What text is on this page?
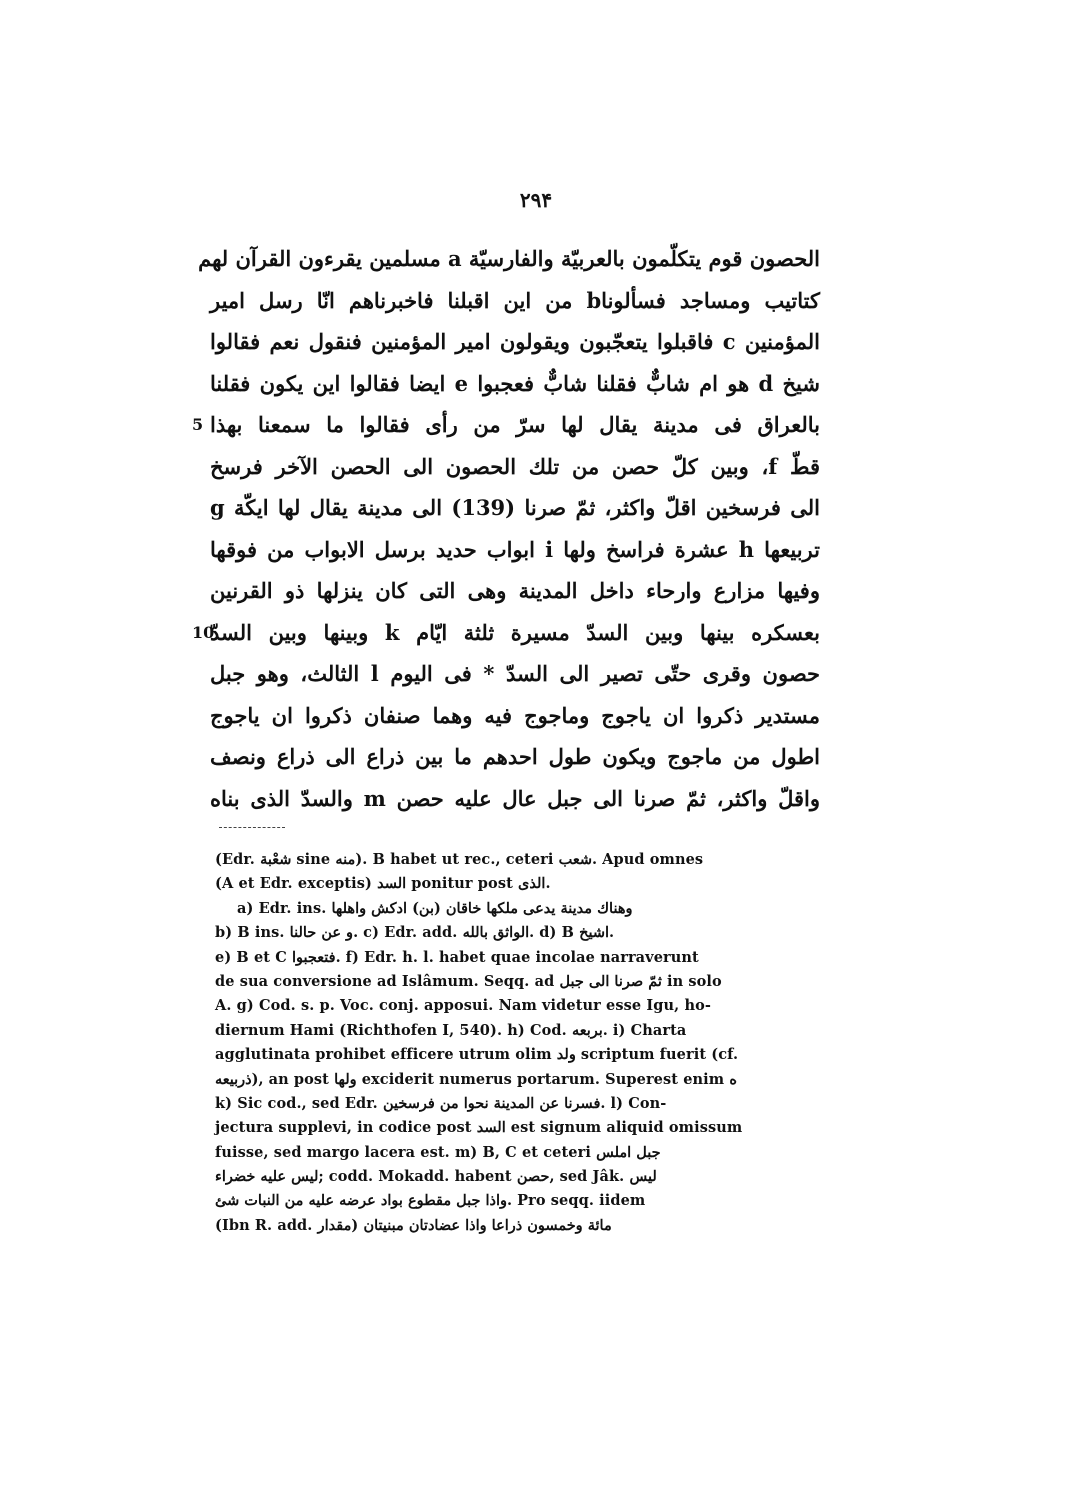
۲۹۴
الحصون قوم يتكلّمون بالعربيّة والفارسيّة a مسلمين يقرءون القرآن لهم
كتاتيب ومساجد فسألوناb من اين اقبلنا فاخبرناهم انّا رسل امير
المؤمنين c فاقبلوا يتعجّبون ويقولون امير المؤمنين فنقول نعم فقالوا
شيخ d هو ام شابٌّ فقلنا شابٌّ فعجبوا e ايضا فقالوا اين يكون فقلنا
بالعراق فى مدينة يقال لها سرّ من رأى فقالوا ما سمعنا بهذا
5
قطّ f، وبين كلّ حصن من تلك الحصون الى الحصن الآخر فرسخ
الى فرسخين اقلّ واكثر، ثمّ صرنا (139) الى مدينة يقال لها ايكّة g
تربيعها h عشرة فراسخ ولها i ابواب حديد برسل الابواب من فوقها
وفيها مزارع وارحاء داخل المدينة وهى التى كان ينزلها ذو القرنين
بعسكره بينها وبين السدّ مسيرة ثلثة ايّام k وبينها وبين السدّ
10
حصون وقرى حتّى تصير الى السدّ * فى اليوم l الثالث، وهو جبل
مستدير ذكروا ان ياجوج وماجوج فيه وهما صنفان ذكروا ان ياجوج
اطول من ماجوج ويكون طول احدهم ما بين ذراع الى ذراع ونصف
واقلّ واكثر، ثمّ صرنا الى جبل عال عليه حصن m والسدّ الذى بناه
(Edr. شعْبة sine منه). B habet ut rec., ceteri شعب. Apud omnes
(A et Edr. exceptis) السد ponitur post الذى.
a) Edr. ins. وهناك مدينة يدعى ملكها خاقان (بن) ادكش واهلها
b) B ins. و عن حالنا. c) Edr. add. الواثق بالله. d) B اشيخ.
e) B et C فتعجبوا. f) Edr. h. l. habet quae incolae narraverunt
de sua conversione ad Islâmum. Seqq. ad ثمّ صرنا الى جبل in solo
A. g) Cod. s. p. Voc. conj. apposui. Nam videtur esse Igu, ho-
diernum Hami (Richthofen I, 540). h) Cod. بربعه. i) Charta
agglutinata prohibet efficere utrum olim ولد scriptum fuerit (cf.
ذربيعه), an post ولها exciderit numerus portarum. Superest enim ه
k) Sic cod., sed Edr. فسرنا عن المدينة نحوا من فرسخين. l) Con-
jectura supplevi, in codice post السد est signum aliquid omissum
fuisse, sed margo lacera est. m) B, C et ceteri جبل املس
ليس عليه خضراء; codd. Mokadd. habent حصن, sed Jâk. ليس
واذا جبل مقطوع بواد عرضه عليه من النبات شئ. Pro seqq. iidem
(Ibn R. add. مقدار) مائة وخمسون ذراعا واذا عضادتان مبنيتان
